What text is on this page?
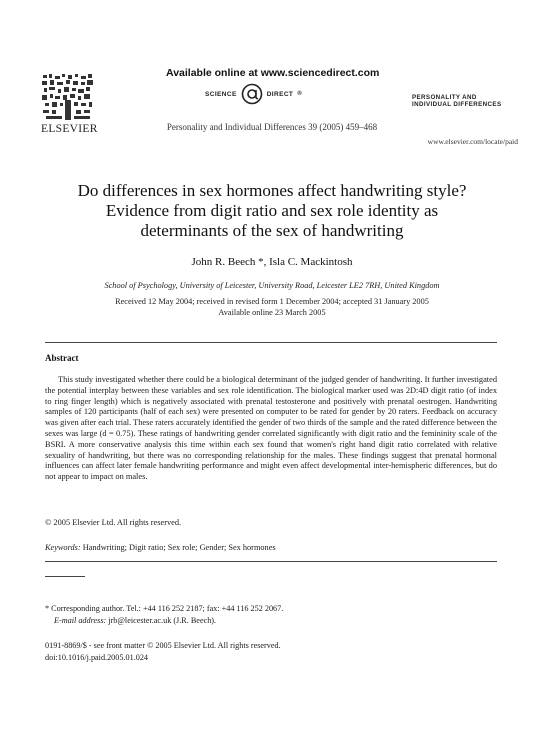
ELSEVIER
Available online at www.sciencedirect.com
SCIENCE	DIRECT ®	PERSONALITY AND
INDIVIDUAL DIFFERENCES
Personality and Individual Differences 39 (2005) 459–468
www.elsevier.com/locate/paid
Do differences in sex hormones affect handwriting style?
Evidence from digit ratio and sex role identity as
determinants of the sex of handwriting
John R. Beech *, Isla C. Mackintosh
School of Psychology, University of Leicester, University Road, Leicester LE2 7RH, United Kingdom
Received 12 May 2004; received in revised form 1 December 2004; accepted 31 January 2005
Available online 23 March 2005
Abstract
This study investigated whether there could be a biological determinant of the judged gender of handwriting. It further investigated the potential interplay between these variables and sex role identification. The biological marker used was 2D:4D digit ratio (of index to ring finger length) which is negatively associated with prenatal testosterone and positively with prenatal oestrogen. Handwriting samples of 120 participants (half of each sex) were presented on computer to be rated for gender by 20 raters. Feedback on accuracy was given after each trial. These raters accurately identified the gender of two thirds of the sample and the rated difference between the sexes was large (d = 0.75). These ratings of handwriting gender correlated significantly with digit ratio and the femininity scale of the BSRI. A more conservative analysis this time within each sex found that women's right hand digit ratio correlated with relative sexuality of handwriting, but there was no corresponding relationship for the males. These findings suggest that prenatal hormonal influences can affect later female handwriting performance and might even affect developmental inter-hemispheric differences, but do not appear to impact on males.
© 2005 Elsevier Ltd. All rights reserved.
Keywords: Handwriting; Digit ratio; Sex role; Gender; Sex hormones
* Corresponding author. Tel.: +44 116 252 2187; fax: +44 116 252 2067.
E-mail address: jrb@leicester.ac.uk (J.R. Beech).
0191-8869/$ - see front matter © 2005 Elsevier Ltd. All rights reserved.
doi:10.1016/j.paid.2005.01.024
